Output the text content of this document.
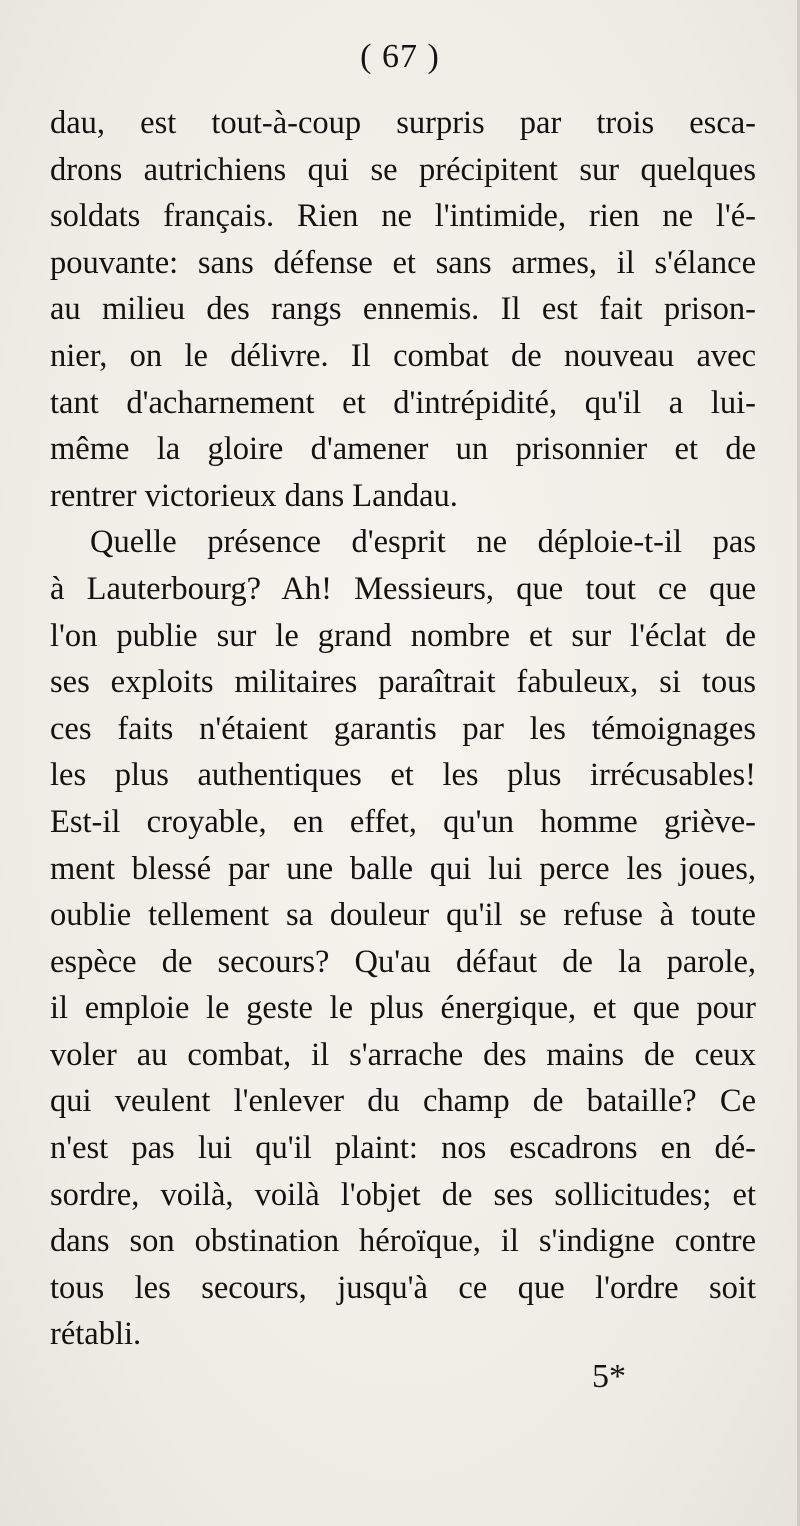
( 67 )
dau, est tout-à-coup surpris par trois esca-
drons autrichiens qui se précipitent sur quelques
soldats français. Rien ne l'intimide, rien ne l'é-
pouvante: sans défense et sans armes, il s'élance
au milieu des rangs ennemis. Il est fait prison-
nier, on le délivre. Il combat de nouveau avec
tant d'acharnement et d'intrépidité, qu'il a lui-
même la gloire d'amener un prisonnier et de
rentrer victorieux dans Landau.
Quelle présence d'esprit ne déploie-t-il pas
à Lauterbourg? Ah! Messieurs, que tout ce que
l'on publie sur le grand nombre et sur l'éclat de
ses exploits militaires paraîtrait fabuleux, si tous
ces faits n'étaient garantis par les témoignages
les plus authentiques et les plus irrécusables!
Est-il croyable, en effet, qu'un homme griève-
ment blessé par une balle qui lui perce les joues,
oublie tellement sa douleur qu'il se refuse à toute
espèce de secours? Qu'au défaut de la parole,
il emploie le geste le plus énergique, et que pour
voler au combat, il s'arrache des mains de ceux
qui veulent l'enlever du champ de bataille? Ce
n'est pas lui qu'il plaint: nos escadrons en dé-
sordre, voilà, voilà l'objet de ses sollicitudes; et
dans son obstination héroïque, il s'indigne contre
tous les secours, jusqu'à ce que l'ordre soit
rétabli.
5*
